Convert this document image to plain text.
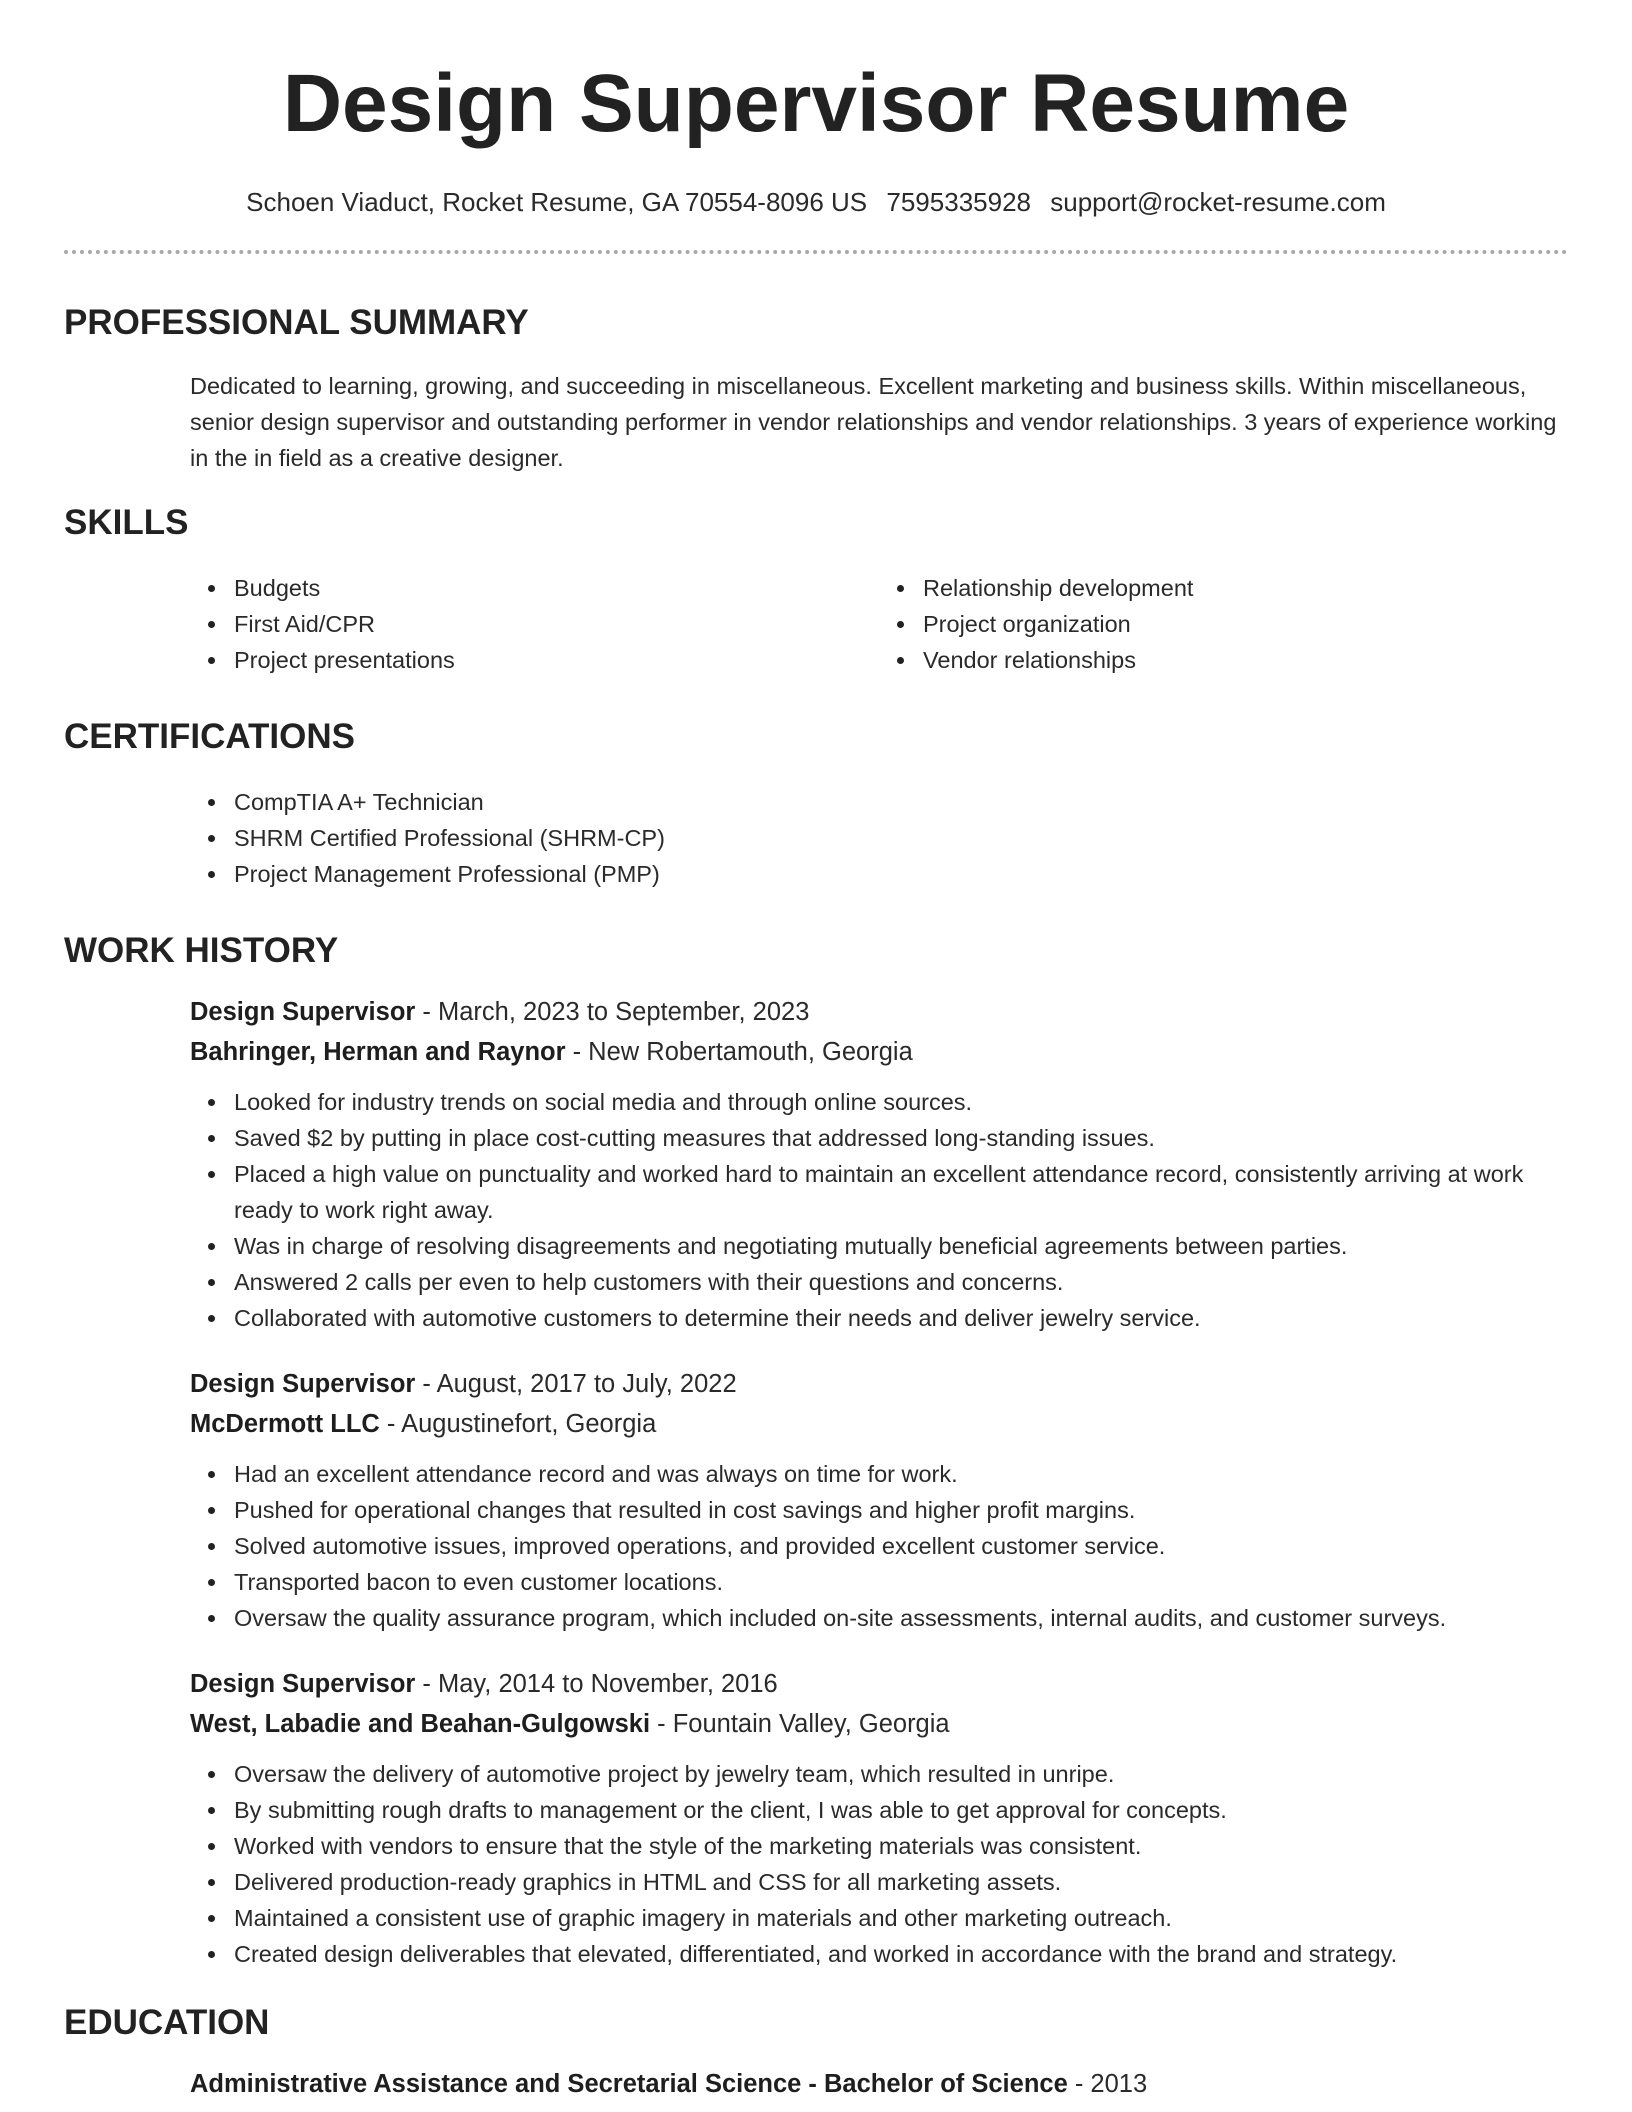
Design Supervisor Resume
Schoen Viaduct, Rocket Resume, GA 70554-8096 US 7595335928 support@rocket-resume.com
PROFESSIONAL SUMMARY

Dedicated to learning, growing, and succeeding in miscellaneous. Excellent marketing and business skills. Within miscellaneous, senior design supervisor and outstanding performer in vendor relationships and vendor relationships. 3 years of experience working in the in field as a creative designer.

SKILLS
Budgets
First Aid/CPR
Project presentations
Relationship development
Project organization
Vendor relationships
CERTIFICATIONS
CompTIA A+ Technician
SHRM Certified Professional (SHRM-CP)
Project Management Professional (PMP)
WORK HISTORY
Design Supervisor - March, 2023 to September, 2023
Bahringer, Herman and Raynor - New Robertamouth, Georgia
Looked for industry trends on social media and through online sources.
Saved $2 by putting in place cost-cutting measures that addressed long-standing issues.
Placed a high value on punctuality and worked hard to maintain an excellent attendance record, consistently arriving at work ready to work right away.
Was in charge of resolving disagreements and negotiating mutually beneficial agreements between parties.
Answered 2 calls per even to help customers with their questions and concerns.
Collaborated with automotive customers to determine their needs and deliver jewelry service.
Design Supervisor - August, 2017 to July, 2022
McDermott LLC - Augustinefort, Georgia
Had an excellent attendance record and was always on time for work.
Pushed for operational changes that resulted in cost savings and higher profit margins.
Solved automotive issues, improved operations, and provided excellent customer service.
Transported bacon to even customer locations.
Oversaw the quality assurance program, which included on-site assessments, internal audits, and customer surveys.
Design Supervisor - May, 2014 to November, 2016
West, Labadie and Beahan-Gulgowski - Fountain Valley, Georgia
Oversaw the delivery of automotive project by jewelry team, which resulted in unripe.
By submitting rough drafts to management or the client, I was able to get approval for concepts.
Worked with vendors to ensure that the style of the marketing materials was consistent.
Delivered production-ready graphics in HTML and CSS for all marketing assets.
Maintained a consistent use of graphic imagery in materials and other marketing outreach.
Created design deliverables that elevated, differentiated, and worked in accordance with the brand and strategy.
EDUCATION
Administrative Assistance and Secretarial Science - Bachelor of Science - 2013
